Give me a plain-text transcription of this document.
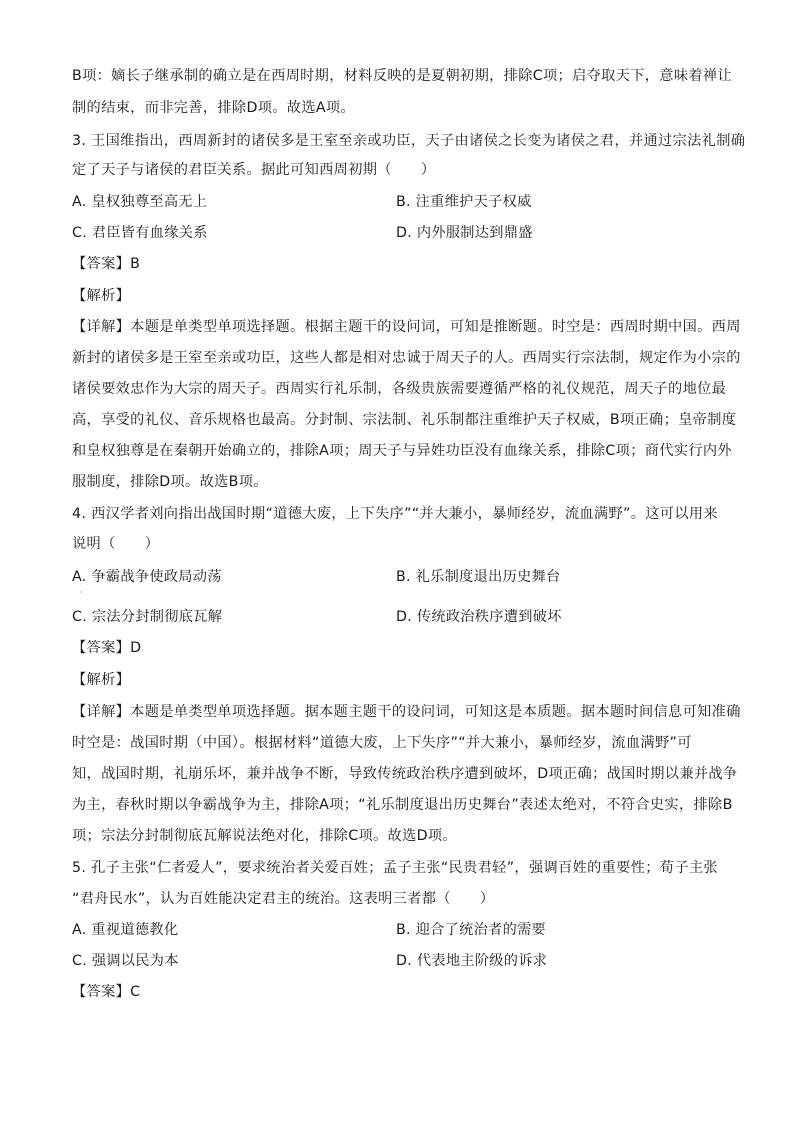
B项：嫡长子继承制的确立是在西周时期，材料反映的是夏朝初期，排除C项；启夺取天下，意味着禅让
制的结束，而非完善，排除D项。故选A项。
3. 王国维指出，西周新封的诸侯多是王室至亲或功臣，天子由诸侯之长变为诸侯之君，并通过宗法礼制确
定了天子与诸侯的君臣关系。据此可知西周初期（　　）
A. 皇权独尊至高无上	B. 注重维护天子权威
C. 君臣皆有血缘关系	D. 内外服制达到鼎盛
【答案】B
【解析】
【详解】本题是单类型单项选择题。根据主题干的设问词，可知是推断题。时空是：西周时期中国。西周
新封的诸侯多是王室至亲或功臣，这些人都是相对忠诚于周天子的人。西周实行宗法制，规定作为小宗的
诸侯要效忠作为大宗的周天子。西周实行礼乐制，各级贵族需要遵循严格的礼仪规范，周天子的地位最
高，享受的礼仪、音乐规格也最高。分封制、宗法制、礼乐制都注重维护天子权威，B项正确；皇帝制度
和皇权独尊是在秦朝开始确立的，排除A项；周天子与异姓功臣没有血缘关系，排除C项；商代实行内外
服制度，排除D项。故选B项。
4. 西汉学者刘向指出战国时期“道德大废，上下失序”“并大兼小，暴师经岁，流血满野”。这可以用来
说明（　　）
A. 争霸战争使政局动荡	B. 礼乐制度退出历史舞台
·
C. 宗法分封制彻底瓦解	D. 传统政治秩序遭到破坏
【答案】D
【解析】
【详解】本题是单类型单项选择题。据本题主题干的设问词，可知这是本质题。据本题时间信息可知准确
时空是：战国时期（中国）。根据材料“道德大废，上下失序”“并大兼小，暴师经岁，流血满野”可
知，战国时期，礼崩乐坏，兼并战争不断，导致传统政治秩序遭到破坏，D项正确；战国时期以兼并战争
为主，春秋时期以争霸战争为主，排除A项；“礼乐制度退出历史舞台”表述太绝对，不符合史实，排除B
项；宗法分封制彻底瓦解说法绝对化，排除C项。故选D项。
5. 孔子主张“仁者爱人”，要求统治者关爱百姓；孟子主张“民贵君轻”，强调百姓的重要性；荀子主张
“君舟民水”，认为百姓能决定君主的统治。这表明三者都（　　）
A. 重视道德教化	B. 迎合了统治者的需要
C. 强调以民为本	D. 代表地主阶级的诉求
【答案】C
